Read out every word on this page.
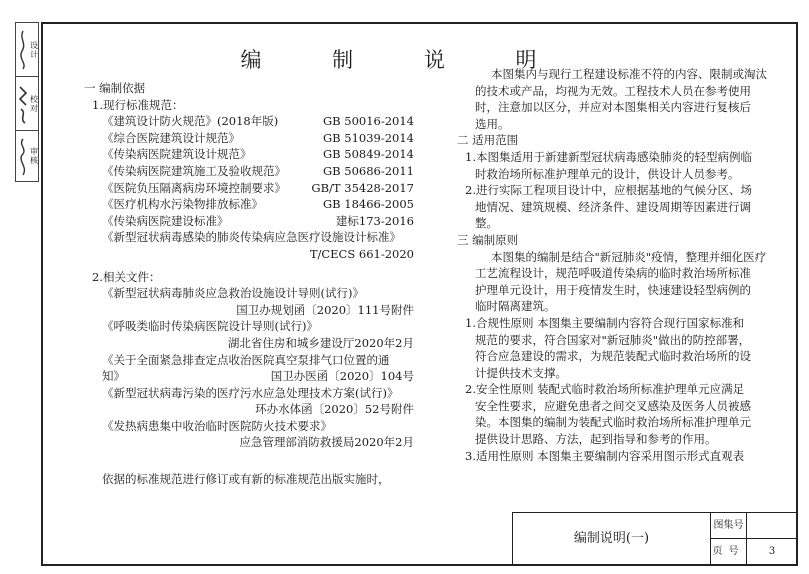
设计
校对
审核
编 制 说 明
一 编制依据
1.现行标准规范：
《建筑设计防火规范》(2018年版)	GB 50016-2014
《综合医院建筑设计规范》	GB 51039-2014
《传染病医院建筑设计规范》	GB 50849-2014
《传染病医院建筑施工及验收规范》	GB 50686-2011
《医院负压隔离病房环境控制要求》 GB/T 35428-2017
《医疗机构水污染物排放标准》	GB 18466-2005
《传染病医院建设标准》	建标173-2016
《新型冠状病毒感染的肺炎传染病应急医疗设施设计标准》
T/CECS 661-2020
2.相关文件：
《新型冠状病毒肺炎应急救治设施设计导则(试行)》
国卫办规划函〔2020〕111号附件
《呼吸类临时传染病医院设计导则(试行)》
湖北省住房和城乡建设厅2020年2月
《关于全面紧急排查定点收治医院真空泵排气口位置的通
知》	国卫办医函〔2020〕104号
《新型冠状病毒污染的医疗污水应急处理技术方案(试行)》
环办水体函〔2020〕52号附件
《发热病患集中收治临时医院防火技术要求》
应急管理部消防救援局2020年2月
依据的标准规范进行修订或有新的标准规范出版实施时，
本图集内与现行工程建设标准不符的内容、限制或淘汰
的技术或产品，均视为无效。工程技术人员在参考使用
时，注意加以区分，并应对本图集相关内容进行复核后
选用。
二 适用范围
1.本图集适用于新建新型冠状病毒感染肺炎的轻型病例临
时救治场所标准护理单元的设计，供设计人员参考。
2.进行实际工程项目设计中，应根据基地的气候分区、场
地情况、建筑规模、经济条件、建设周期等因素进行调
整。
三 编制原则
本图集的编制是结合"新冠肺炎"疫情，整理并细化医疗
工艺流程设计，规范呼吸道传染病的临时救治场所标准
护理单元设计，用于疫情发生时，快速建设轻型病例的
临时隔离建筑。
1.合规性原则 本图集主要编制内容符合现行国家标准和
规范的要求，符合国家对"新冠肺炎"做出的防控部署，
符合应急建设的需求，为规范装配式临时救治场所的设
计提供技术支撑。
2.安全性原则 装配式临时救治场所标准护理单元应满足
安全性要求，应避免患者之间交叉感染及医务人员被感
染。本图集的编制为装配式临时救治场所标准护理单元
提供设计思路、方法，起到指导和参考的作用。
3.适用性原则 本图集主要编制内容采用图示形式直观表
编制说明(一)
图集号
页号	3
